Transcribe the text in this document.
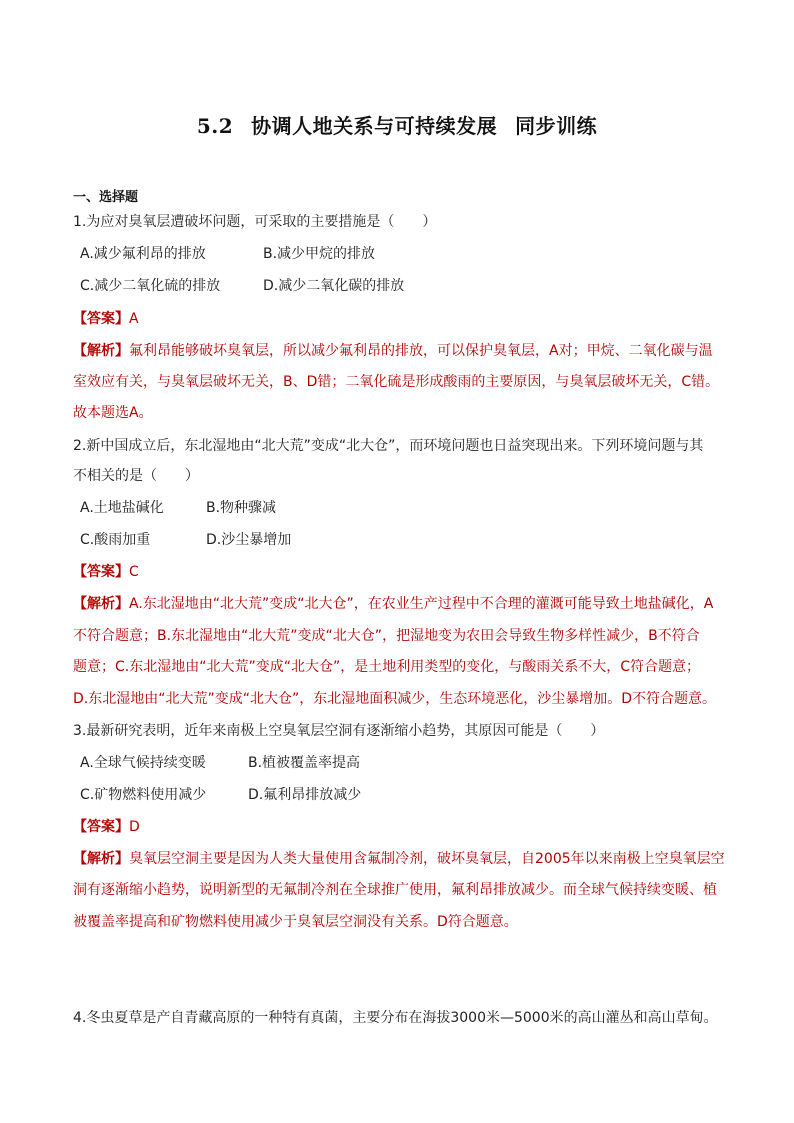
5.2 协调人地关系与可持续发展 同步训练
一、选择题
1.为应对臭氧层遭破坏问题，可采取的主要措施是（　　）
A.减少氟利昂的排放	B.减少甲烷的排放
C.减少二氧化硫的排放	D.减少二氧化碳的排放
【答案】A
【解析】氟利昂能够破坏臭氧层，所以减少氟利昂的排放，可以保护臭氧层，A对；甲烷、二氧化碳与温
室效应有关，与臭氧层破坏无关，B、D错；二氧化硫是形成酸雨的主要原因，与臭氧层破坏无关，C错。
故本题选A。
2.新中国成立后，东北湿地由“北大荒”变成“北大仓”，而环境问题也日益突现出来。下列环境问题与其
不相关的是（　　）
A.土地盐碱化	B.物种骤减
C.酸雨加重	D.沙尘暴增加
【答案】C
【解析】A.东北湿地由“北大荒”变成“北大仓”，在农业生产过程中不合理的灌溉可能导致土地盐碱化，A
不符合题意；B.东北湿地由“北大荒”变成“北大仓”，把湿地变为农田会导致生物多样性减少，B不符合
题意；C.东北湿地由“北大荒”变成“北大仓”，是土地利用类型的变化，与酸雨关系不大，C符合题意；
D.东北湿地由“北大荒”变成“北大仓”，东北湿地面积减少，生态环境恶化，沙尘暴增加。D不符合题意。
3.最新研究表明，近年来南极上空臭氧层空洞有逐渐缩小趋势，其原因可能是（　　）
A.全球气候持续变暖	B.植被覆盖率提高
C.矿物燃料使用减少	D.氟利昂排放减少
【答案】D
【解析】臭氧层空洞主要是因为人类大量使用含氟制冷剂，破坏臭氧层，自2005年以来南极上空臭氧层空
洞有逐渐缩小趋势，说明新型的无氟制冷剂在全球推广使用，氟利昂排放减少。而全球气候持续变暖、植
被覆盖率提高和矿物燃料使用减少于臭氧层空洞没有关系。D符合题意。
4.冬虫夏草是产自青藏高原的一种特有真菌，主要分布在海拔3000米—5000米的高山灌丛和高山草甸。
